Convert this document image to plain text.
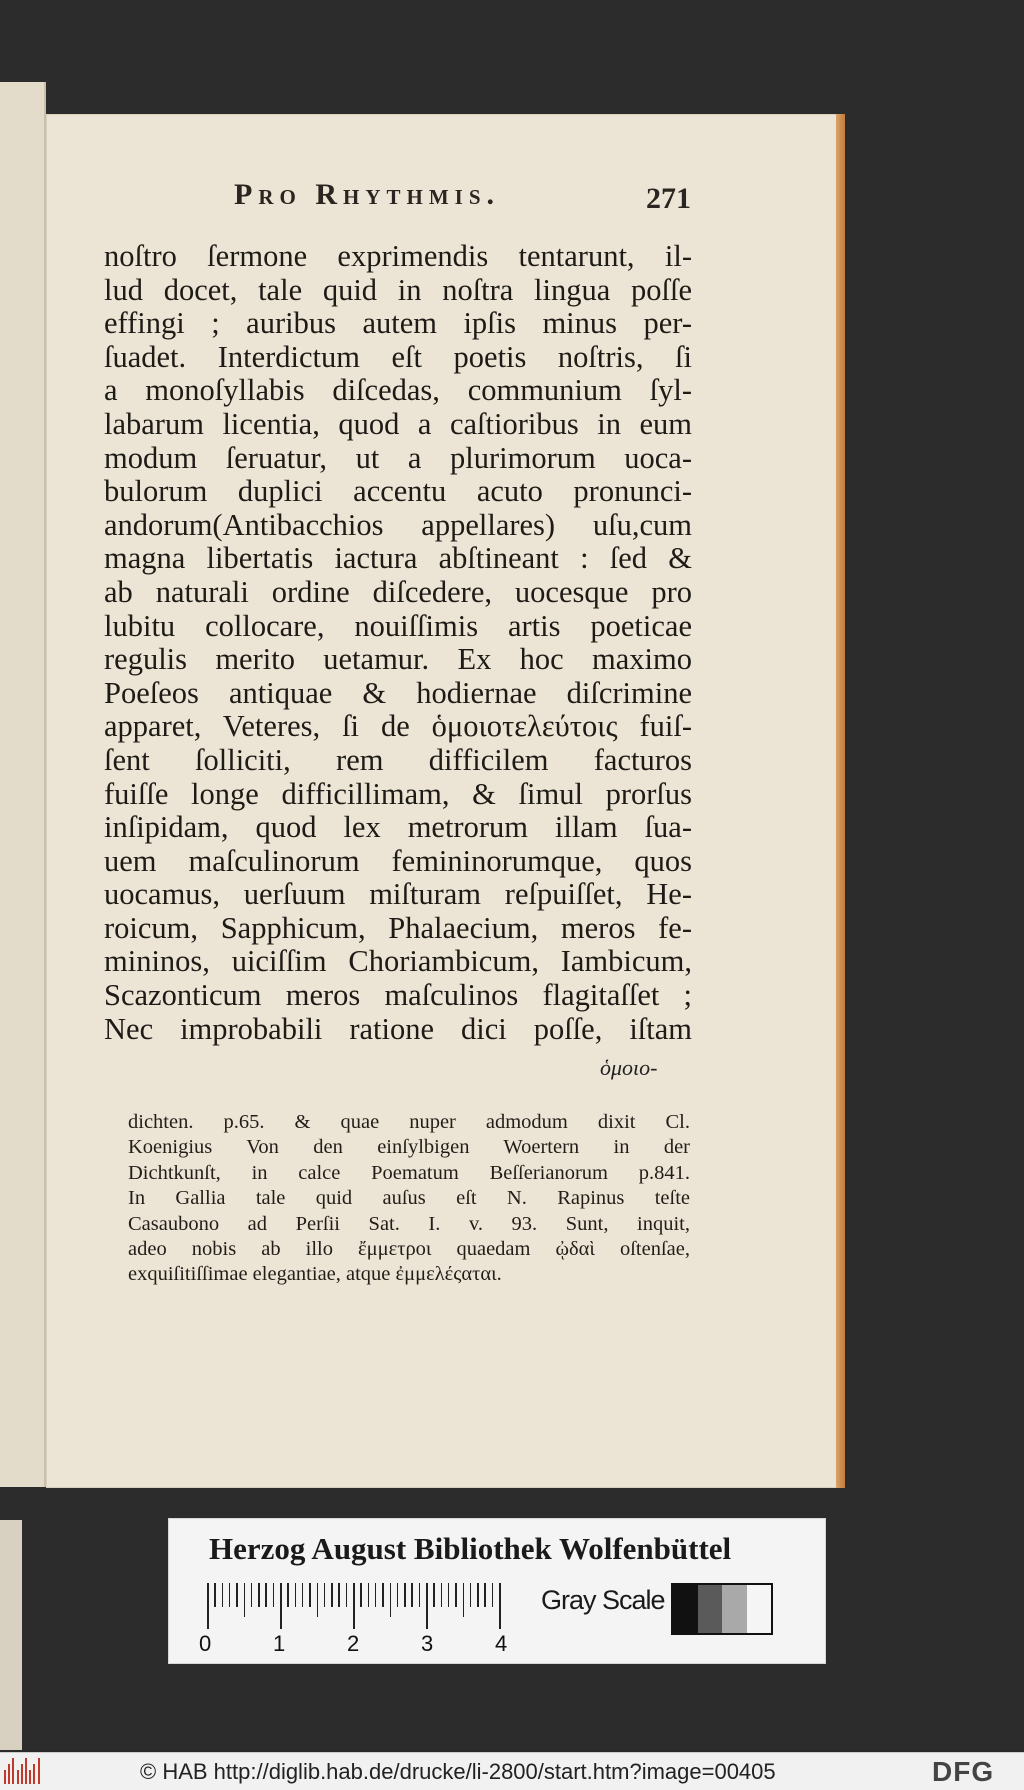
Pro Rhythmis.	271
noſtro ſermone exprimendis tentarunt, il-
lud docet, tale quid in noſtra lingua poſſe
effingi ; auribus autem ipſis minus per-
ſuadet. Interdictum eſt poetis noſtris, ſi
a monoſyllabis diſcedas, communium ſyl-
labarum licentia, quod a caſtioribus in eum
modum ſeruatur, ut a plurimorum uoca-
bulorum duplici accentu acuto pronunci-
andorum(Antibacchios appellares) uſu,cum
magna libertatis iactura abſtineant : ſed &
ab naturali ordine diſcedere, uocesque pro
lubitu collocare, nouiſſimis artis poeticae
regulis merito uetamur. Ex hoc maximo
Poeſeos antiquae & hodiernae diſcrimine
apparet, Veteres, ſi de ὁμοιοτελεύτοις fuiſ-
ſent ſolliciti, rem difficilem facturos
fuiſſe longe difficillimam, & ſimul prorſus
inſipidam, quod lex metrorum illam ſua-
uem maſculinorum femininorumque, quos
uocamus, uerſuum miſturam reſpuiſſet, He-
roicum, Sapphicum, Phalaecium, meros fe-
mininos, uiciſſim Choriambicum, Iambicum,
Scazonticum meros maſculinos flagitaſſet ;
Nec improbabili ratione dici poſſe, iſtam
ὁμοιο-
dichten. p.65. & quae nuper admodum dixit Cl.
Koenigius Von den einſylbigen Woertern in der
Dichtkunſt, in calce Poematum Beſſerianorum p.841.
In Gallia tale quid auſus eſt N. Rapinus teſte
Casaubono ad Perſii Sat. I. v. 93. Sunt, inquit,
adeo nobis ab illo ἔμμετροι quaedam ᾠδαὶ oſtenſae,
exquiſitiſſimae elegantiae, atque ἐμμελέςαται.
Herzog August Bibliothek Wolfenbüttel
0	1	2	3	4
Gray Scale
© HAB http://diglib.hab.de/drucke/li-2800/start.htm?image=00405	DFG
